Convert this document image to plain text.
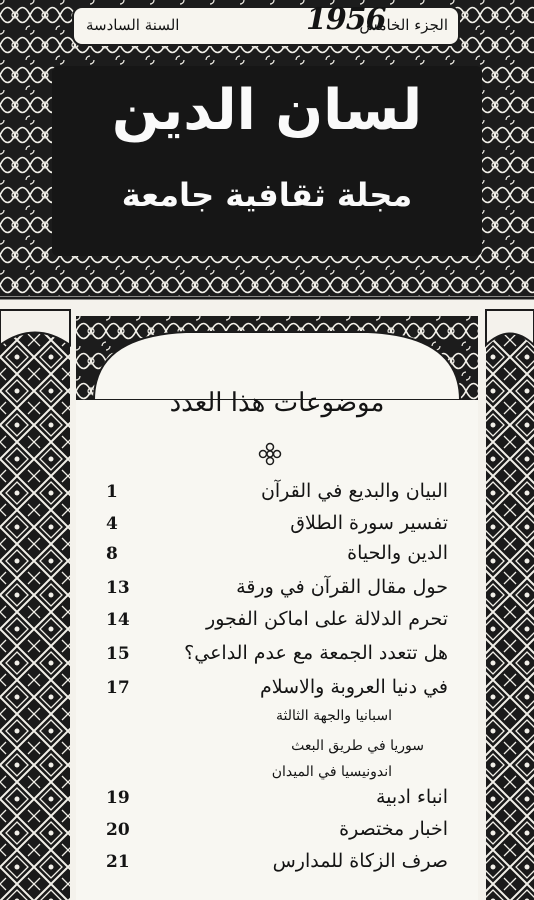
السنة السادسة	1956
الجزء الخامس
لسان الدين
مجلة ثقافية جامعة
موضوعات هذا العدد
البيان والبديع في القرآن
1
تفسير سورة الطلاق
4
الدين والحياة
8
حول مقال القرآن في ورقة
13
تحرم الدلالة على اماكن الفجور
14
هل تتعدد الجمعة مع عدم الداعي؟
15
في دنيا العروبة والاسلام
17
اسبانيا والجهة الثالثة
سوريا في طريق البعث
اندونيسيا في الميدان
انباء ادبية
19
اخبار مختصرة
20
صرف الزكاة للمدارس
21
